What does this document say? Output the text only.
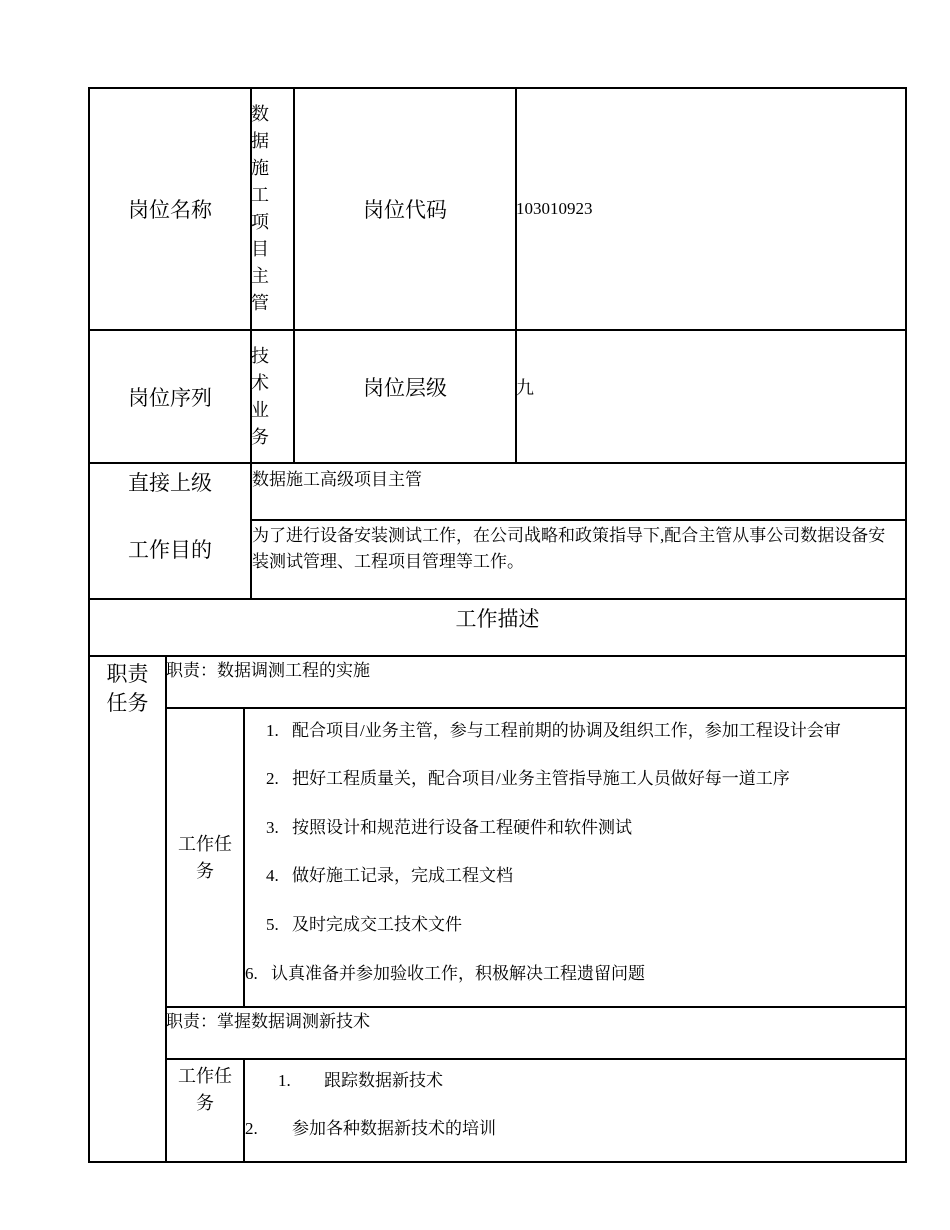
岗位名称
数据施工项目主管
岗位代码	103010923
岗位序列
技术业务
岗位层级	九
直接上级 数据施工高级项目主管
工作目的
为了进行设备安装测试工作，在公司战略和政策指导下,配合主管从事公司数据设备安装测试管理、工程项目管理等工作。
工作描述
职责任务
职责：数据调测工程的实施
工作任务
1. 配合项目/业务主管，参与工程前期的协调及组织工作，参加工程设计会审
2. 把好工程质量关，配合项目/业务主管指导施工人员做好每一道工序
3. 按照设计和规范进行设备工程硬件和软件测试
4. 做好施工记录，完成工程文档
5. 及时完成交工技术文件
6. 认真准备并参加验收工作，积极解决工程遗留问题
职责：掌握数据调测新技术
工作任务
1. 跟踪数据新技术
2. 参加各种数据新技术的培训
